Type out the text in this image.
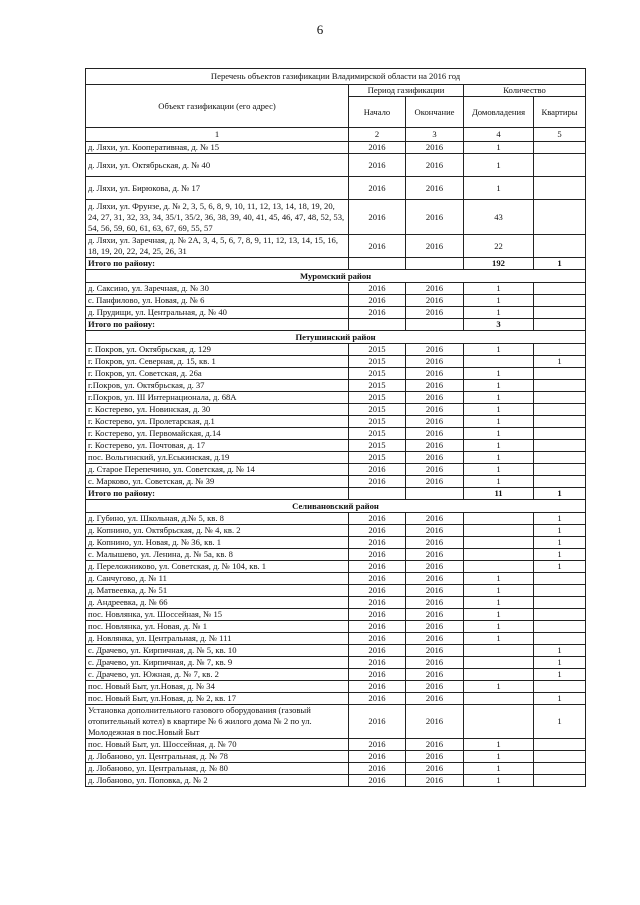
6
Перечень объектов газификации Владимирской области на 2016 год				
Объект газификации (его адрес)	Период газификации		Количество	
	Начало	Окончание	Домовладения	Квартиры
1	2	3	4	5
д. Ляхи, ул. Кооперативная, д. № 15	2016	2016	1	
д. Ляхи, ул. Октябрьская, д. № 40	2016	2016	1	
д. Ляхи, ул. Бирюкова, д. № 17	2016	2016	1	
д. Ляхи, ул. Фрунзе, д. № 2, 3, 5, 6, 8, 9, 10, 11, 12, 13, 14, 18, 19, 20, 24, 27, 31, 32, 33, 34, 35/1, 35/2, 36, 38, 39, 40, 41, 45, 46, 47, 48, 52, 53, 54, 56, 59, 60, 61, 63, 67, 69, 55, 57	2016	2016	43	
д. Ляхи, ул. Заречная, д. № 2А, 3, 4, 5, 6, 7, 8, 9, 11, 12, 13, 14, 15, 16, 18, 19, 20, 22, 24, 25, 26, 31	2016	2016	22	
Итого по району:			192	1
Муромский район				
д. Саксино, ул. Заречная, д. № 30	2016	2016	1	
с. Панфилово, ул. Новая, д. № 6	2016	2016	1	
д. Прудищи, ул. Центральная, д. № 40	2016	2016	1	
Итого по району:			3	
Петушинский район				
г. Покров, ул. Октябрьская, д. 129	2015	2016	1	
г. Покров, ул. Северная, д. 15, кв. 1	2015	2016		1
г. Покров, ул. Советская, д. 26а	2015	2016	1	
г.Покров, ул. Октябрьская, д. 37	2015	2016	1	
г.Покров, ул. III Интернационала, д. 68А	2015	2016	1	
г. Костерево, ул. Новинская, д. 30	2015	2016	1	
г. Костерево, ул. Пролетарская, д.1	2015	2016	1	
г. Костерево, ул. Первомайская, д.14	2015	2016	1	
г. Костерево, ул. Почтовая, д. 17	2015	2016	1	
пос. Вольгинский, ул.Еськинская, д.19	2015	2016	1	
д. Старое Перепечино, ул. Советская, д. № 14	2016	2016	1	
с. Марково, ул. Советская, д. № 39	2016	2016	1	
Итого по району:			11	1
Селивановский район				
д. Губино, ул. Школьная, д.№ 5, кв. 8	2016	2016		1
д. Копнино, ул. Октябрьская, д. № 4, кв. 2	2016	2016		1
д. Копнино, ул. Новая, д. № 36, кв. 1	2016	2016		1
с. Малышево, ул. Ленина, д. № 5а, кв. 8	2016	2016		1
д. Переложниково, ул. Советская, д. № 104, кв. 1	2016	2016		1
д. Санчугово, д. № 11	2016	2016	1	
д. Матвеевка, д. № 51	2016	2016	1	
д. Андреевка, д. № 66	2016	2016	1	
пос. Новлянка, ул. Шоссейная, № 15	2016	2016	1	
пос. Новлянка, ул. Новая, д. № 1	2016	2016	1	
д. Новлянка, ул. Центральная, д. № 111	2016	2016	1	
с. Драчево, ул. Кирпичная, д. № 5, кв. 10	2016	2016		1
с. Драчево, ул. Кирпичная, д. № 7, кв. 9	2016	2016		1
с. Драчево, ул. Южная, д. № 7, кв. 2	2016	2016		1
пос. Новый Быт, ул.Новая, д. № 34	2016	2016	1	
пос. Новый Быт, ул.Новая, д. № 2, кв. 17	2016	2016		1
Установка дополнительного газового оборудования (газовый отопительный котел) в квартире № 6 жилого дома № 2 по ул. Молодежная в пос.Новый Быт	2016	2016		1
пос. Новый Быт, ул. Шоссейная, д. № 70	2016	2016	1	
д. Лобаново, ул. Центральная, д. № 78	2016	2016	1	
д. Лобаново, ул. Центральная, д. № 80	2016	2016	1	
д. Лобаново, ул. Поповка, д. № 2	2016	2016	1	
